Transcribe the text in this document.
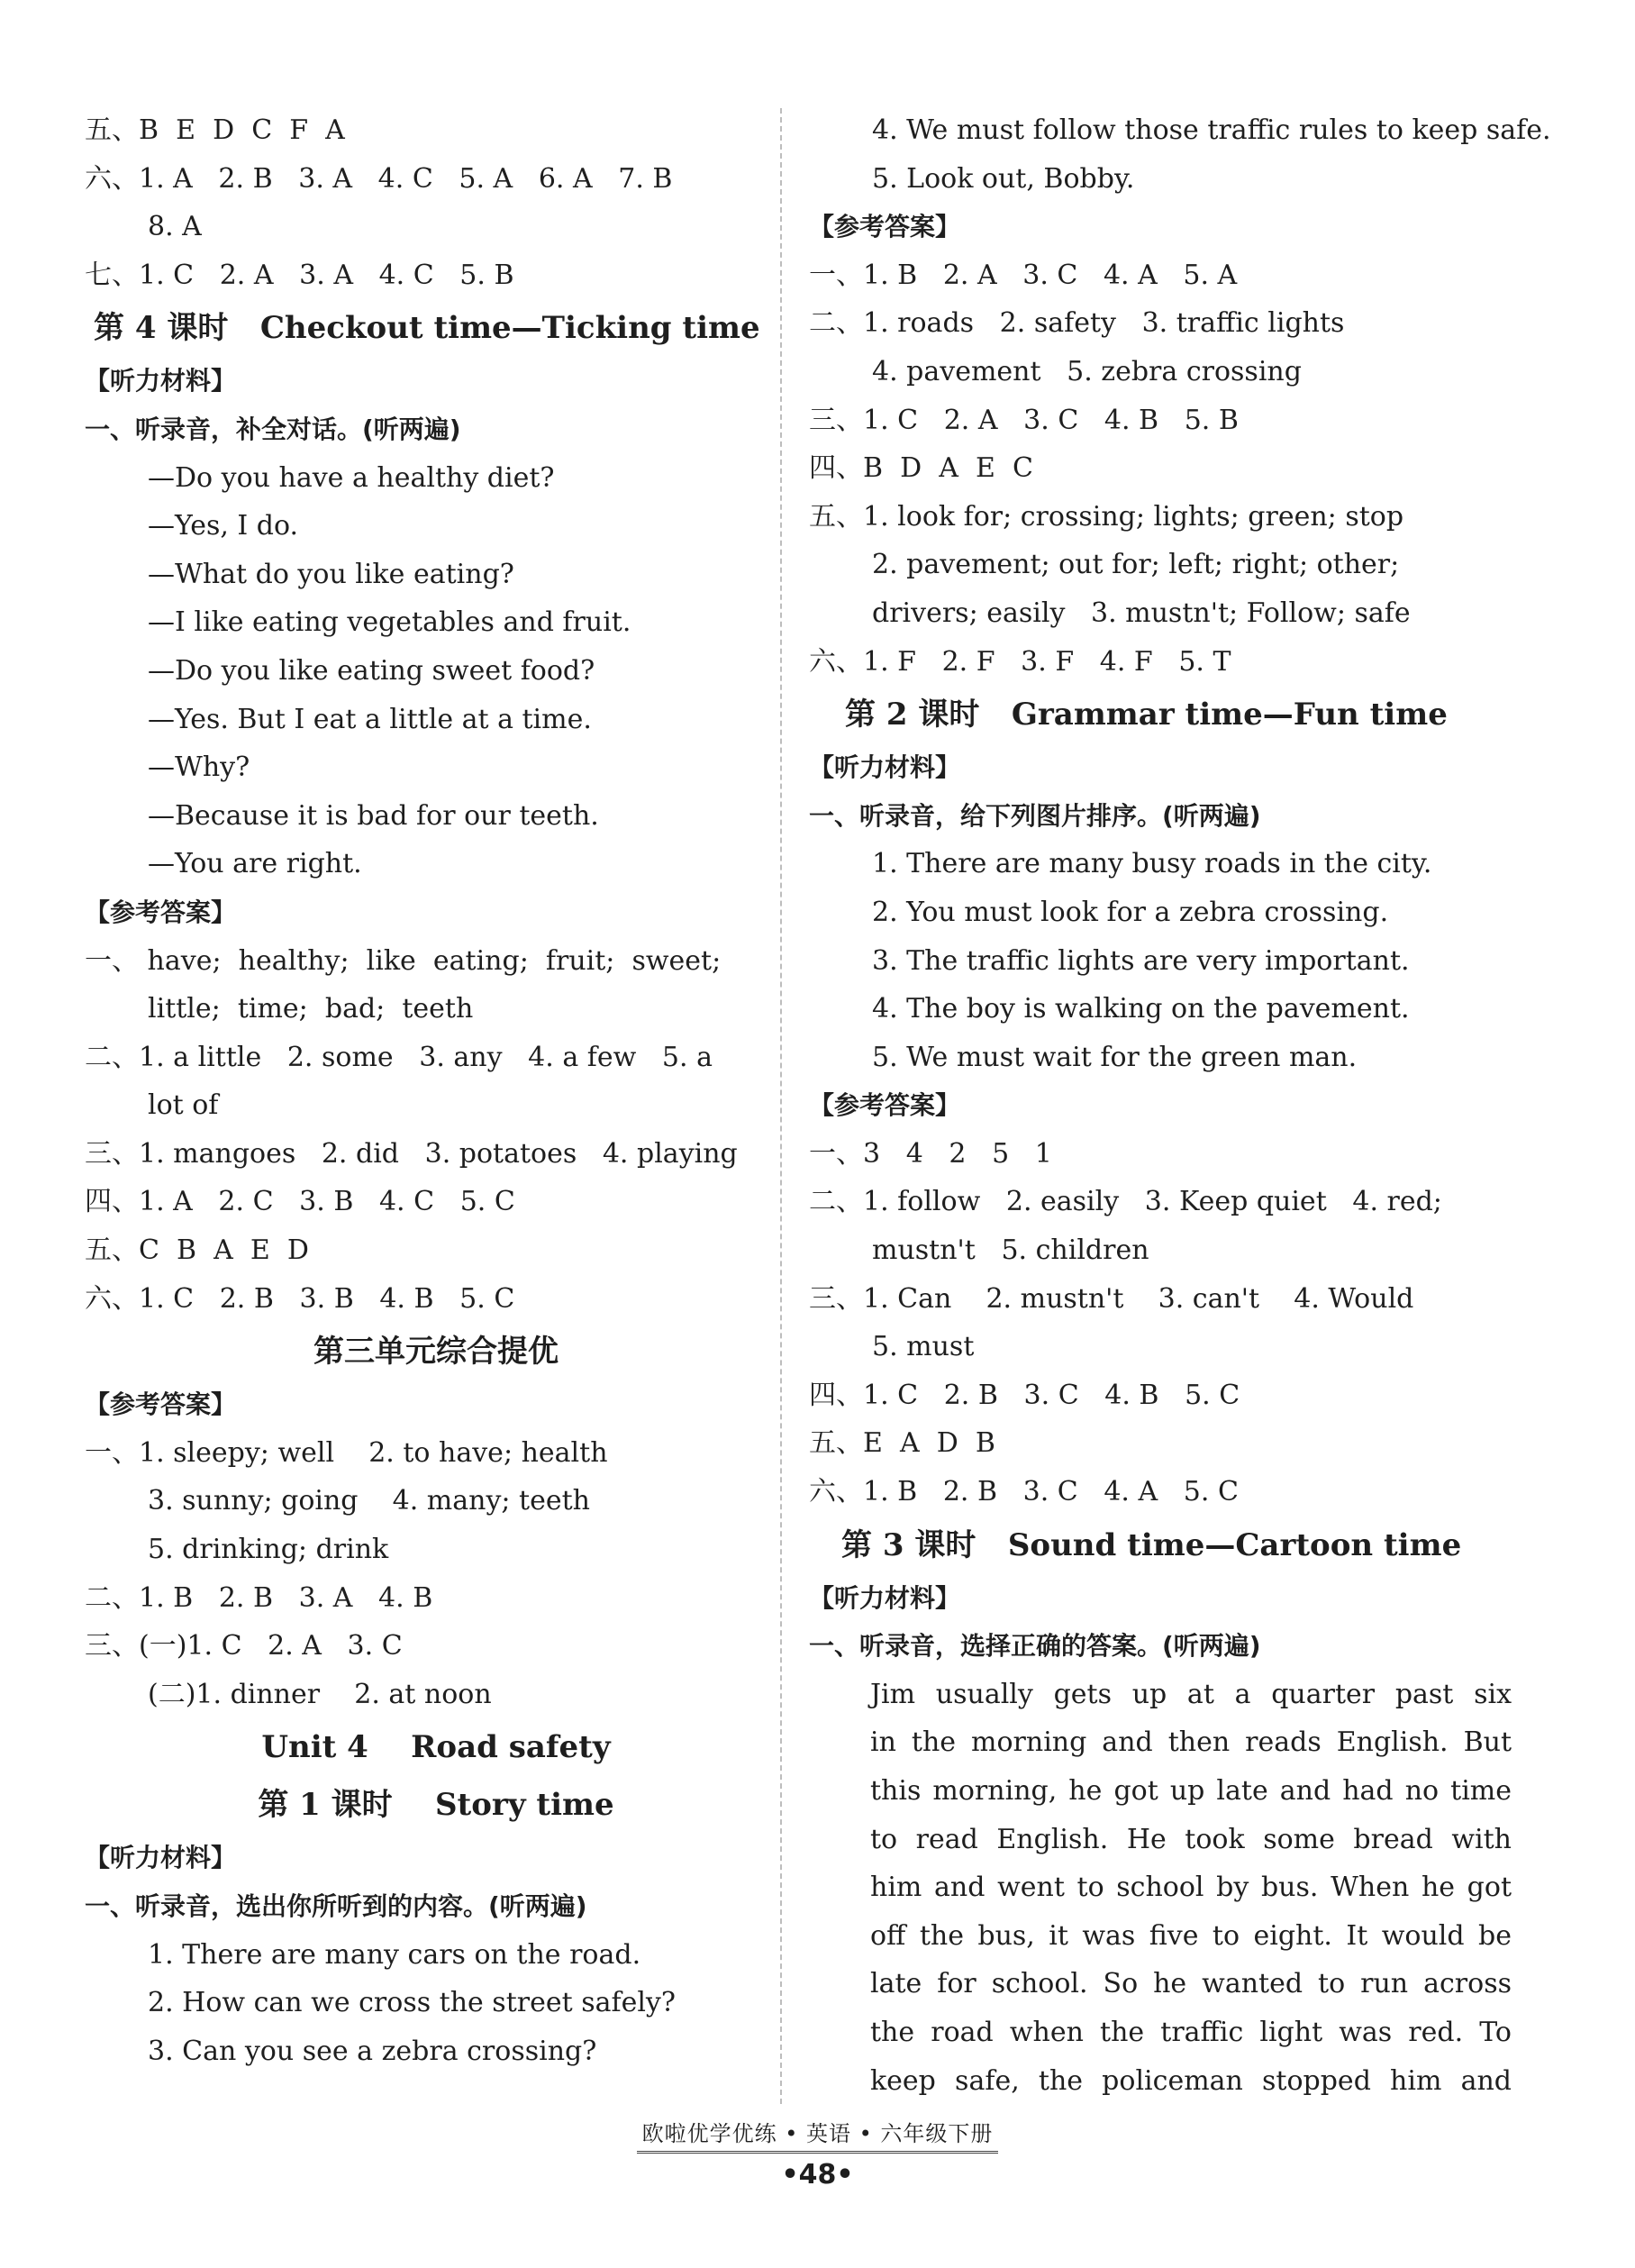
五、B  E  D  C  F  A
六、1. A   2. B   3. A   4. C   5. A   6. A   7. B
8. A
七、1. C   2. A   3. A   4. C   5. B
第 4 课时   Checkout time—Ticking time
【听力材料】
一、听录音，补全对话。(听两遍)
—Do you have a healthy diet?
—Yes, I do.
—What do you like eating?
—I like eating vegetables and fruit.
—Do you like eating sweet food?
—Yes. But I eat a little at a time.
—Why?
—Because it is bad for our teeth.
—You are right.
【参考答案】
一、 have;  healthy;  like  eating;  fruit;  sweet;
little;  time;  bad;  teeth
二、1. a little   2. some   3. any   4. a few   5. a
lot of
三、1. mangoes   2. did   3. potatoes   4. playing
四、1. A   2. C   3. B   4. C   5. C
五、C  B  A  E  D
六、1. C   2. B   3. B   4. B   5. C
第三单元综合提优
【参考答案】
一、1. sleepy; well    2. to have; health
3. sunny; going    4. many; teeth
5. drinking; drink
二、1. B   2. B   3. A   4. B
三、(一)1. C   2. A   3. C
(二)1. dinner    2. at noon
Unit 4    Road safety
第 1 课时    Story time
【听力材料】
一、听录音，选出你所听到的内容。(听两遍)
1. There are many cars on the road.
2. How can we cross the street safely?
3. Can you see a zebra crossing?
4. We must follow those traffic rules to keep safe.
5. Look out, Bobby.
【参考答案】
一、1. B   2. A   3. C   4. A   5. A
二、1. roads   2. safety   3. traffic lights
4. pavement   5. zebra crossing
三、1. C   2. A   3. C   4. B   5. B
四、B  D  A  E  C
五、1. look for; crossing; lights; green; stop
2. pavement; out for; left; right; other;
drivers; easily   3. mustn't; Follow; safe
六、1. F   2. F   3. F   4. F   5. T
第 2 课时   Grammar time—Fun time
【听力材料】
一、听录音，给下列图片排序。(听两遍)
1. There are many busy roads in the city.
2. You must look for a zebra crossing.
3. The traffic lights are very important.
4. The boy is walking on the pavement.
5. We must wait for the green man.
【参考答案】
一、3   4   2   5   1
二、1. follow   2. easily   3. Keep quiet   4. red;
mustn't   5. children
三、1. Can    2. mustn't    3. can't    4. Would
5. must
四、1. C   2. B   3. C   4. B   5. C
五、E  A  D  B
六、1. B   2. B   3. C   4. A   5. C
第 3 课时   Sound time—Cartoon time
【听力材料】
一、听录音，选择正确的答案。(听两遍)
Jim usually gets up at a quarter past six
in the morning and then reads English. But
this morning, he got up late and had no time
to read English. He took some bread with
him and went to school by bus. When he got
off the bus, it was five to eight. It would be
late for school. So he wanted to run across
the road when the traffic light was red. To
keep safe, the policeman stopped him and
欧啦优学优练 • 英语 • 六年级下册
•48•
